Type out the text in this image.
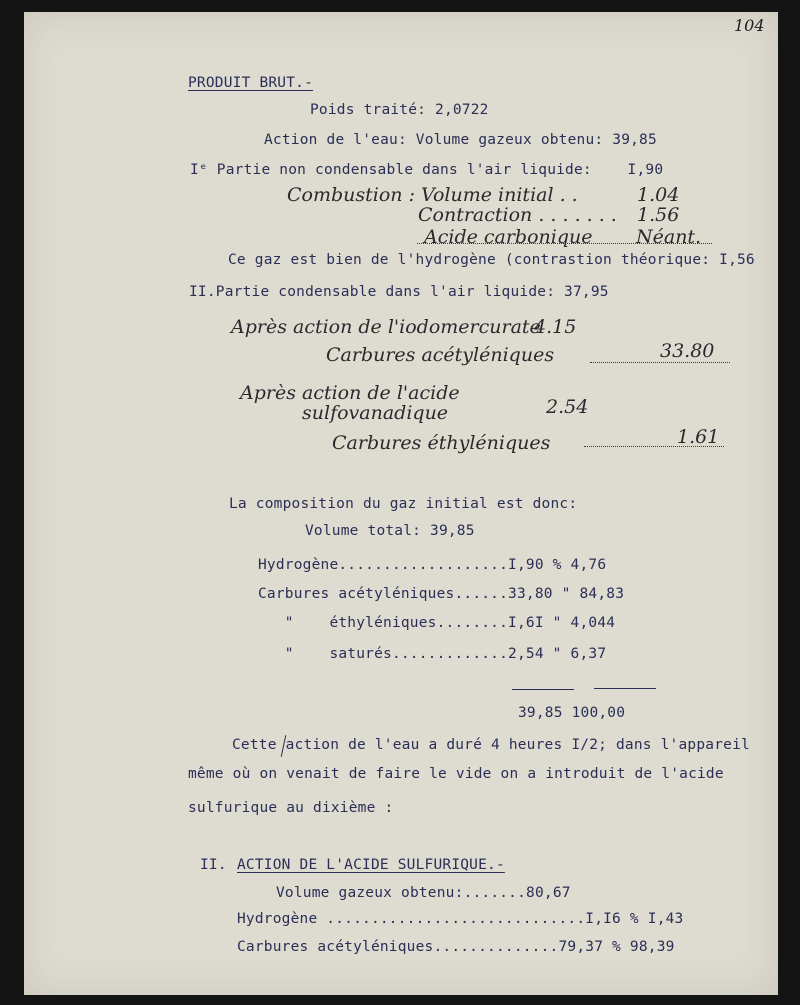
104
PRODUIT BRUT.-
Poids traité: 2,0722
Action de l'eau: Volume gazeux obtenu: 39,85
Iᵉ Partie non condensable dans l'air liquide:    I,90
Combustion : Volume initial . .	1.04
Contraction . . . . . . . 1.56
Acide carbonique Néant.
Ce gaz est bien de l'hydrogène (contrastion théorique: I,56
II.Partie condensable dans l'air liquide: 37,95
Après action de l'iodomercurate
4.15
Carbures acétyléniques	33.80
Après action de l'acide
sulfovanadique	2.54
Carbures éthyléniques	1.61
La composition du gaz initial est donc:
Volume total: 39,85
Hydrogène...................I,90 % 4,76
Carbures acétyléniques......33,80 " 84,83
"    éthyléniques........I,6I " 4,044
"    saturés.............2,54 " 6,37
39,85 100,00
Cette action de l'eau a duré 4 heures I/2; dans l'appareil
même où on venait de faire le vide on a introduit de l'acide
sulfurique au dixième :
II. ACTION DE L'ACIDE SULFURIQUE.-
Volume gazeux obtenu:.......80,67
Hydrogène .............................I,I6 % I,43
Carbures acétyléniques..............79,37 % 98,39
